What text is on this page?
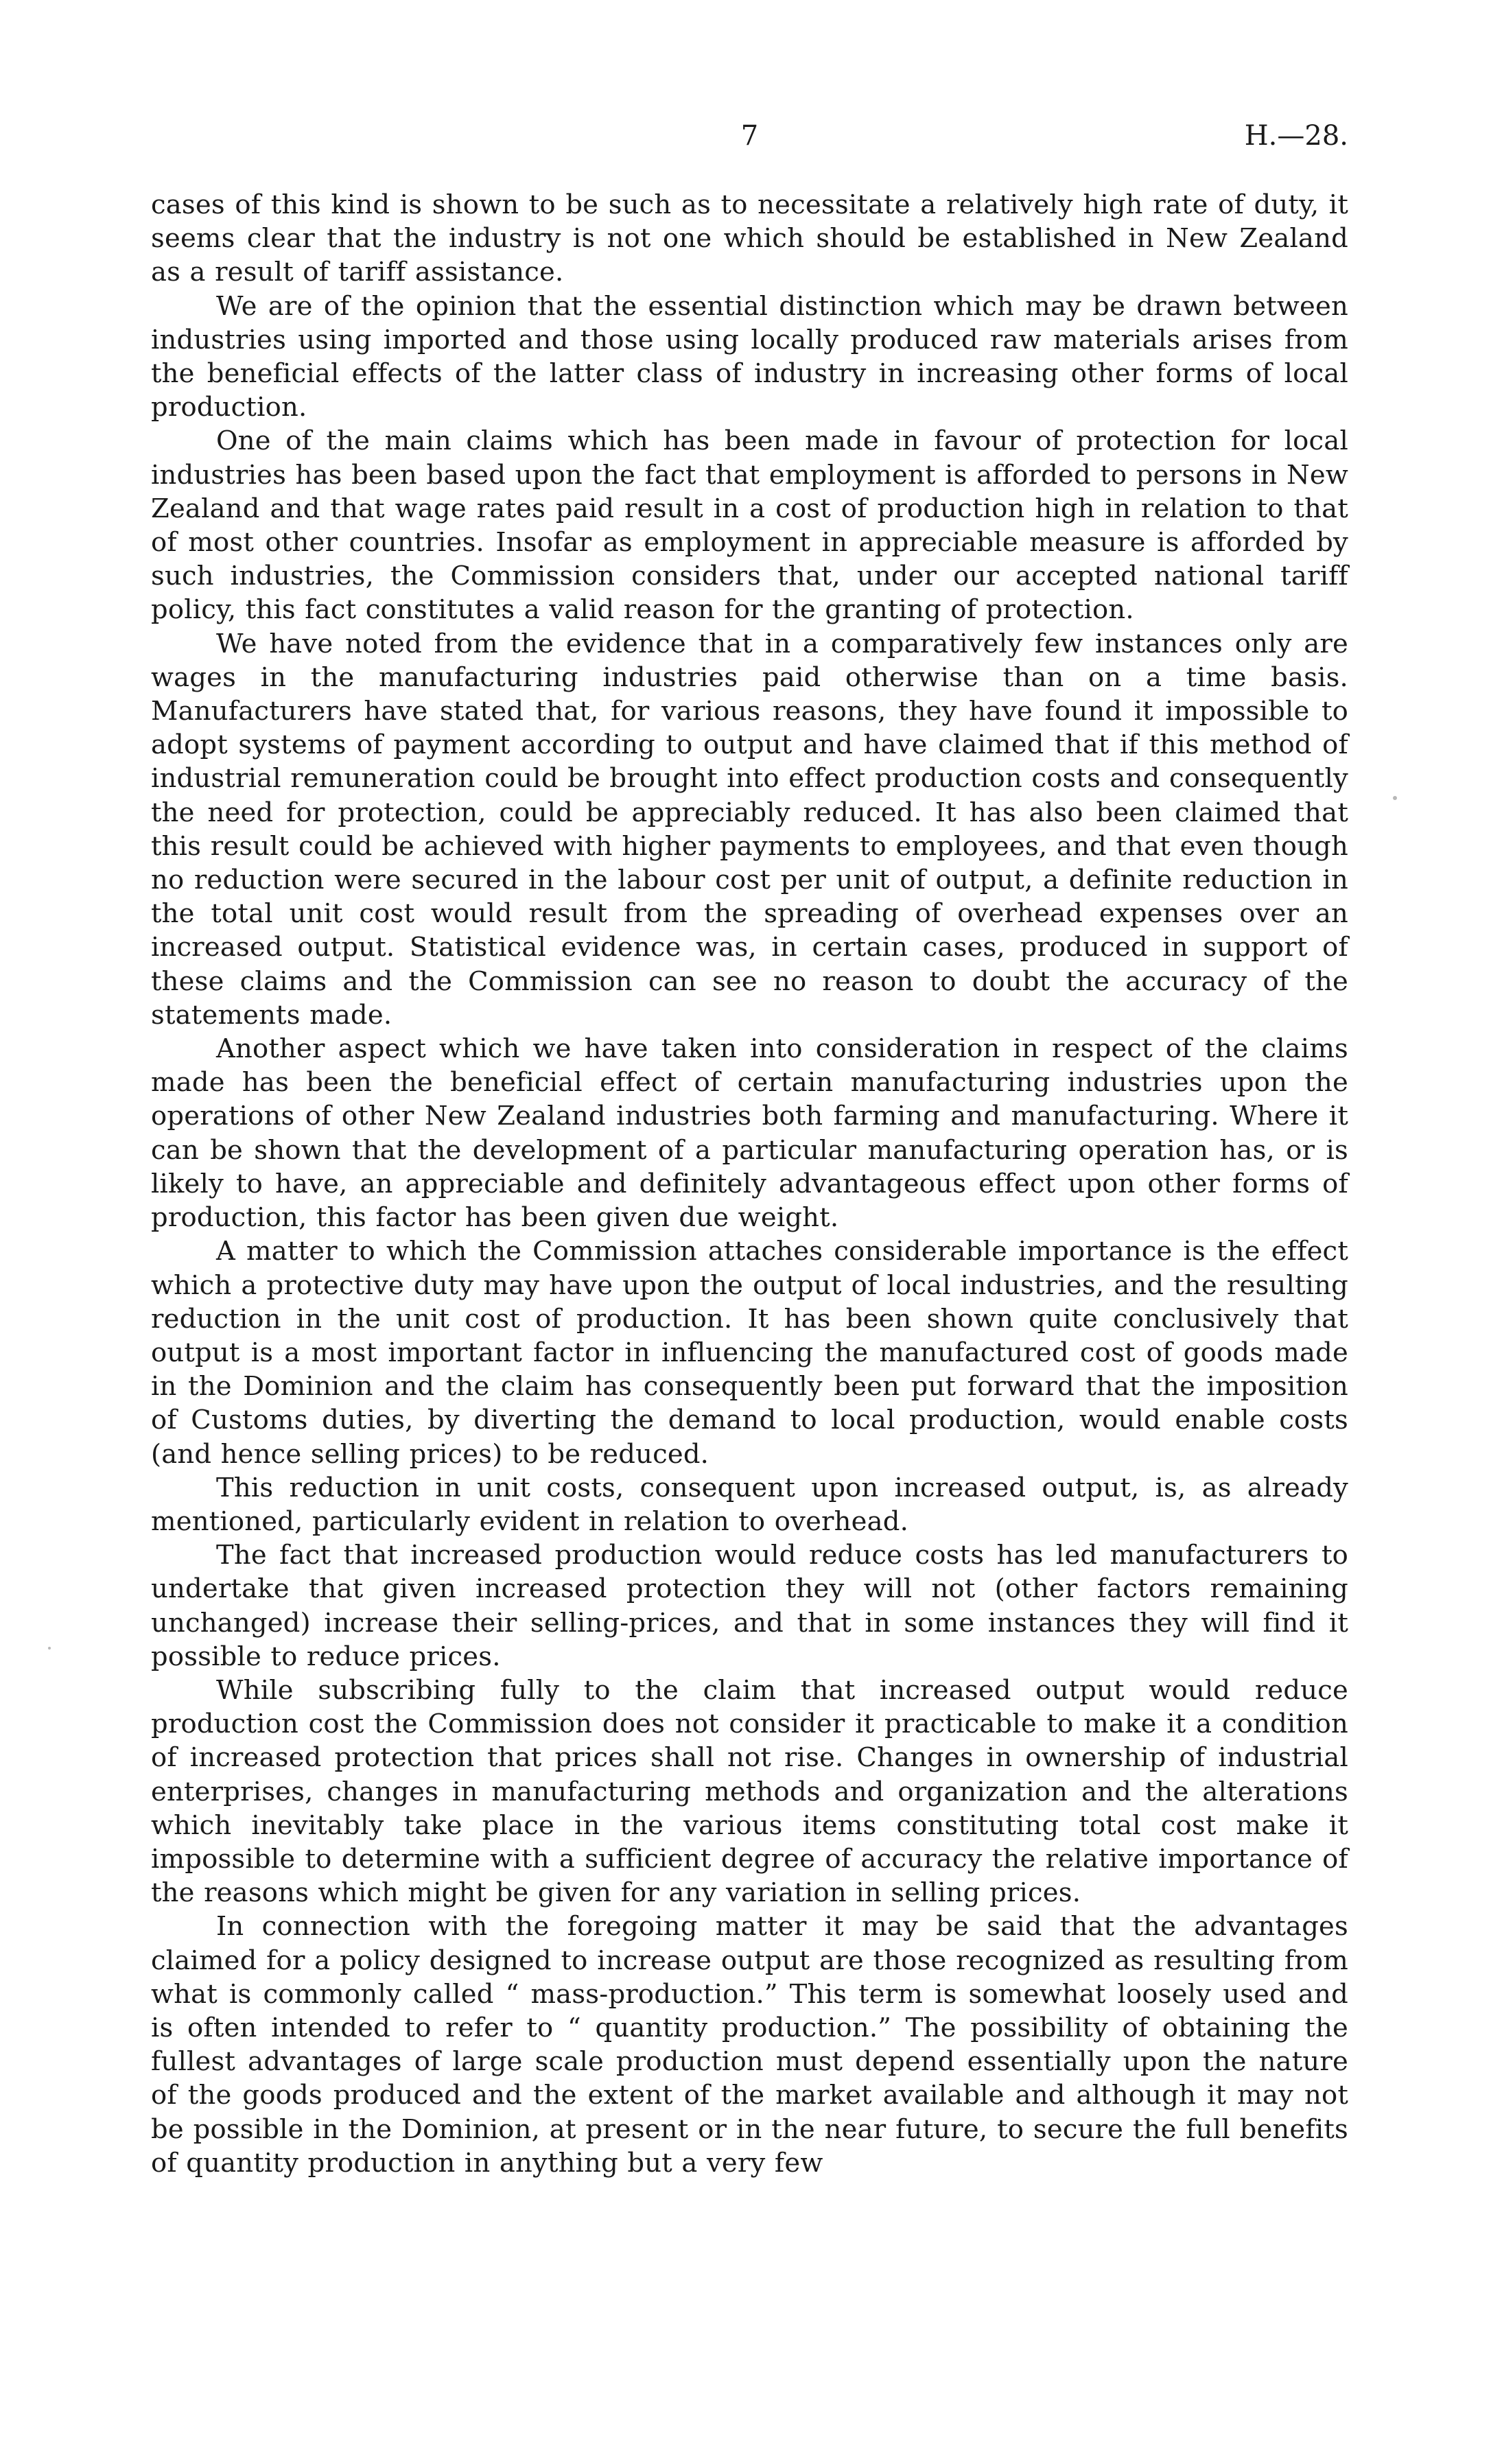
7	H.—28.

cases of this kind is shown to be such as to necessitate a relatively high rate of duty, it seems clear that the industry is not one which should be established in New Zealand as a result of tariff assistance.

We are of the opinion that the essential distinction which may be drawn between industries using imported and those using locally produced raw materials arises from the beneficial effects of the latter class of industry in increasing other forms of local production.

One of the main claims which has been made in favour of protection for local industries has been based upon the fact that employment is afforded to persons in New Zealand and that wage rates paid result in a cost of production high in relation to that of most other countries. Insofar as employment in appreciable measure is afforded by such industries, the Commission considers that, under our accepted national tariff policy, this fact constitutes a valid reason for the granting of protection.

We have noted from the evidence that in a comparatively few instances only are wages in the manufacturing industries paid otherwise than on a time basis. Manufacturers have stated that, for various reasons, they have found it impossible to adopt systems of payment according to output and have claimed that if this method of industrial remuneration could be brought into effect production costs and consequently the need for protection, could be appreciably reduced. It has also been claimed that this result could be achieved with higher payments to employees, and that even though no reduction were secured in the labour cost per unit of output, a definite reduction in the total unit cost would result from the spreading of overhead expenses over an increased output. Statistical evidence was, in certain cases, produced in support of these claims and the Commission can see no reason to doubt the accuracy of the statements made.

Another aspect which we have taken into consideration in respect of the claims made has been the beneficial effect of certain manufacturing industries upon the operations of other New Zealand industries both farming and manufacturing. Where it can be shown that the development of a particular manufacturing operation has, or is likely to have, an appreciable and definitely advantageous effect upon other forms of production, this factor has been given due weight.

A matter to which the Commission attaches considerable importance is the effect which a protective duty may have upon the output of local industries, and the resulting reduction in the unit cost of production. It has been shown quite conclusively that output is a most important factor in influencing the manufactured cost of goods made in the Dominion and the claim has consequently been put forward that the imposition of Customs duties, by diverting the demand to local production, would enable costs (and hence selling prices) to be reduced.

This reduction in unit costs, consequent upon increased output, is, as already mentioned, particularly evident in relation to overhead.

The fact that increased production would reduce costs has led manufacturers to undertake that given increased protection they will not (other factors remaining unchanged) increase their selling-prices, and that in some instances they will find it possible to reduce prices.

While subscribing fully to the claim that increased output would reduce production cost the Commission does not consider it practicable to make it a condition of increased protection that prices shall not rise. Changes in ownership of industrial enterprises, changes in manufacturing methods and organization and the alterations which inevitably take place in the various items constituting total cost make it impossible to determine with a sufficient degree of accuracy the relative importance of the reasons which might be given for any variation in selling prices.

In connection with the foregoing matter it may be said that the advantages claimed for a policy designed to increase output are those recognized as resulting from what is commonly called “ mass-production.” This term is somewhat loosely used and is often intended to refer to “ quantity production.” The possibility of obtaining the fullest advantages of large scale production must depend essentially upon the nature of the goods produced and the extent of the market available and although it may not be possible in the Dominion, at present or in the near future, to secure the full benefits of quantity production in anything but a very few
